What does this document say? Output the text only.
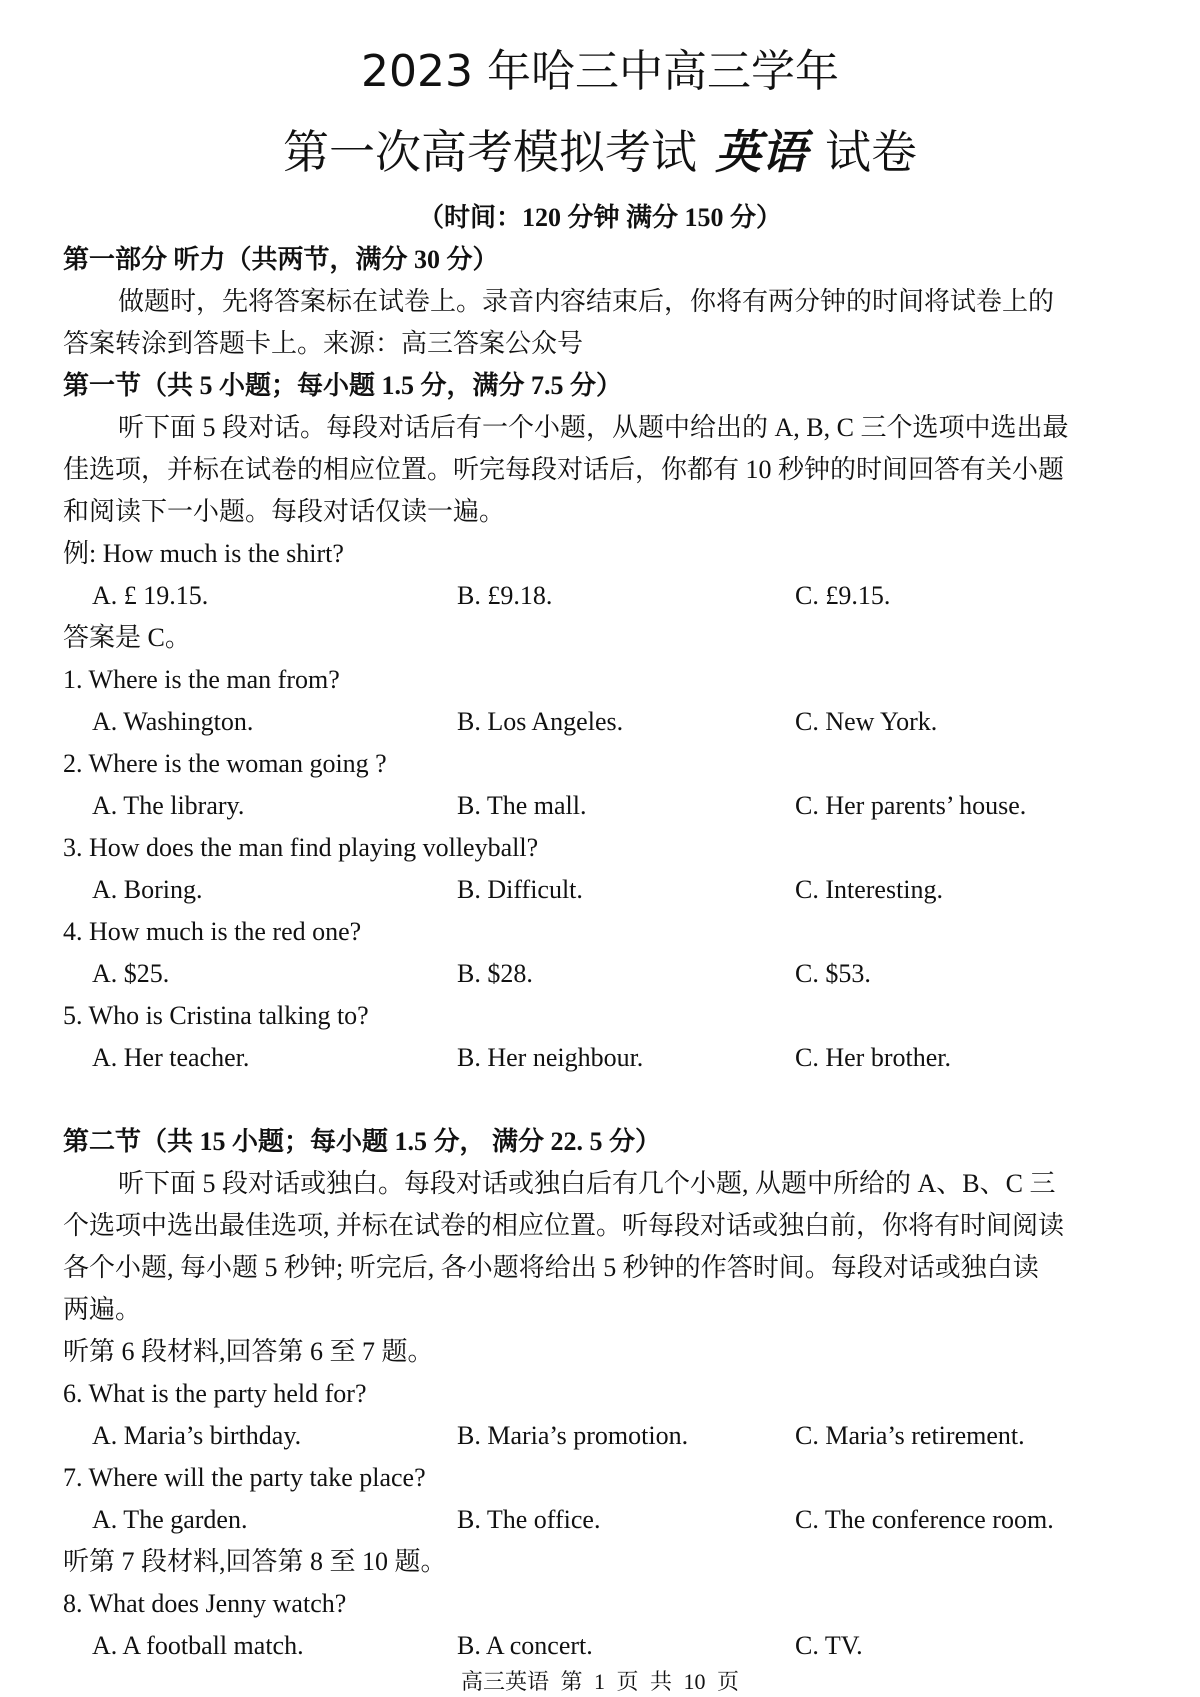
2023 年哈三中高三学年
第一次高考模拟考试 英语 试卷
（时间：120 分钟 满分 150 分）
第一部分 听力（共两节，满分 30 分）
做题时，先将答案标在试卷上。录音内容结束后，你将有两分钟的时间将试卷上的
答案转涂到答题卡上。来源：高三答案公众号
第一节（共 5 小题；每小题 1.5 分，满分 7.5 分）
听下面 5 段对话。每段对话后有一个小题，从题中给出的 A, B, C 三个选项中选出最
佳选项，并标在试卷的相应位置。听完每段对话后，你都有 10 秒钟的时间回答有关小题
和阅读下一小题。每段对话仅读一遍。
例: How much is the shirt?
A. £ 19.15.	B. £9.18.	C. £9.15.
答案是 C。
1. Where is the man from?
A. Washington.	B. Los Angeles.	C. New York.
2. Where is the woman going ?
A. The library.	B. The mall.	C. Her parents’ house.
3. How does the man find playing volleyball?
A. Boring.	B. Difficult.	C. Interesting.
4. How much is the red one?
A. $25.	B. $28.	C. $53.
5. Who is Cristina talking to?
A. Her teacher.	B. Her neighbour.	C. Her brother.
第二节（共 15 小题；每小题 1.5 分， 满分 22. 5 分）
听下面 5 段对话或独白。每段对话或独白后有几个小题, 从题中所给的 A、B、C 三
个选项中选出最佳选项, 并标在试卷的相应位置。听每段对话或独白前，你将有时间阅读
各个小题, 每小题 5 秒钟; 听完后, 各小题将给出 5 秒钟的作答时间。每段对话或独白读
两遍。
听第 6 段材料,回答第 6 至 7 题。
6. What is the party held for?
A. Maria’s birthday.	B. Maria’s promotion.	C. Maria’s retirement.
7. Where will the party take place?
A. The garden.	B. The office.	C. The conference room.
听第 7 段材料,回答第 8 至 10 题。
8. What does Jenny watch?
A. A football match.	B. A concert.	C. TV.
高三英语 第 1 页 共 10 页
